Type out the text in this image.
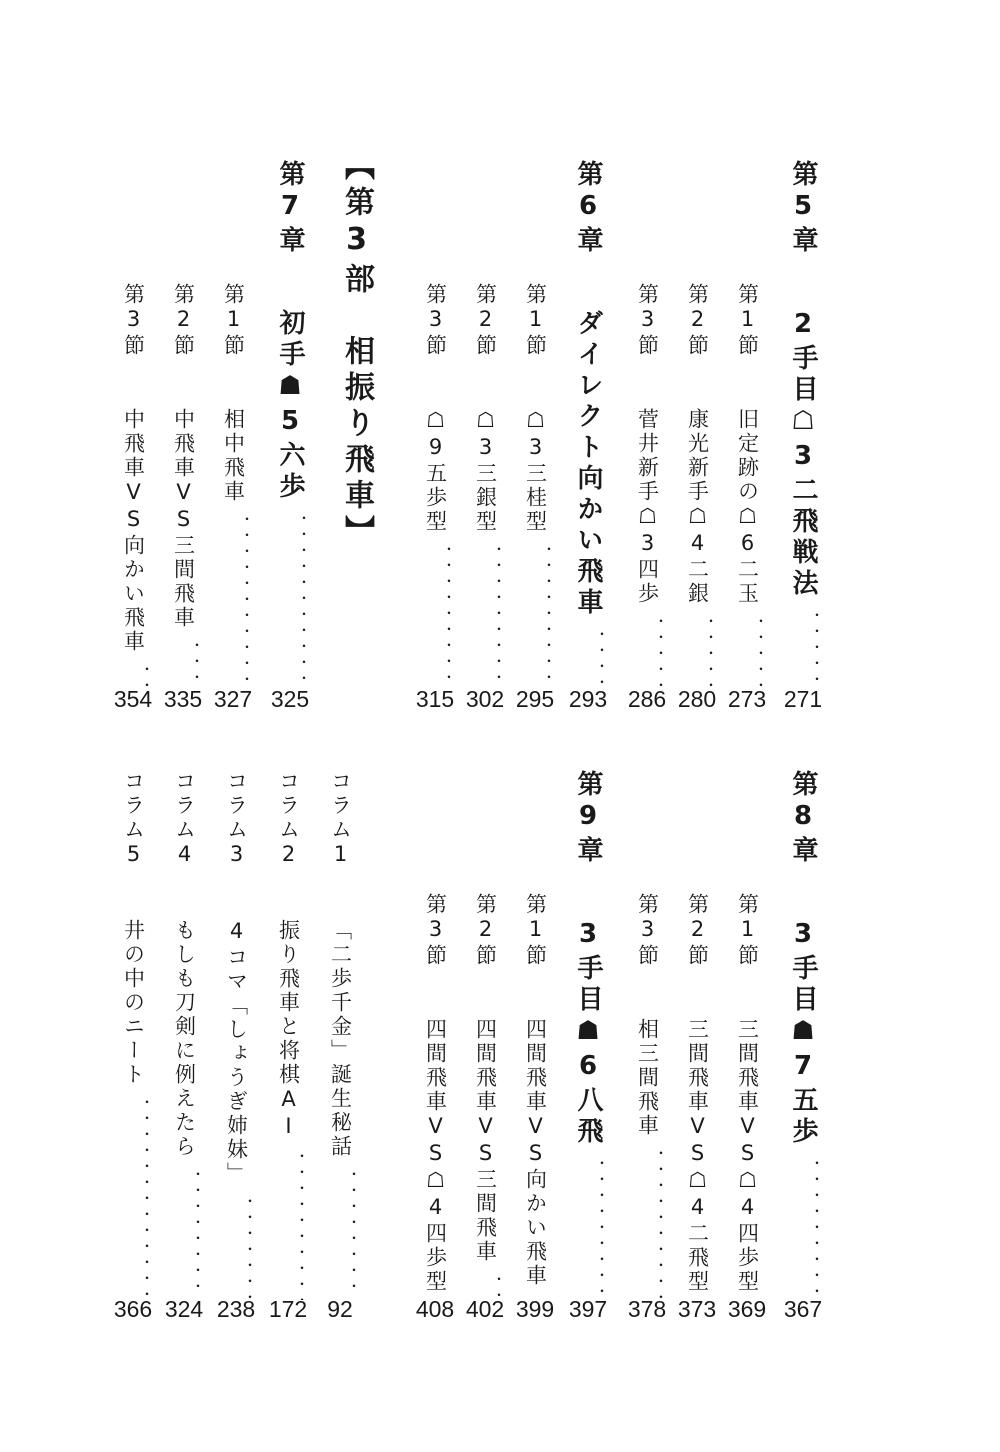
第5章
2手目☖3二飛戦法
・・・・・・・・・・・・・・・・・・・・・・・・・・・・・・・・・・・・・・・・・・・・・・・・・・・・・・・・・・・・
271
第1節
旧定跡の☖6二玉
・・・・・・・・・・・・・・・・・・・・・・・・・・・・・・・・・・・・・・・・・・・・・・・・・・・・・・・・・・・・
273
第2節
康光新手☖4二銀
・・・・・・・・・・・・・・・・・・・・・・・・・・・・・・・・・・・・・・・・・・・・・・・・・・・・・・・・・・・・
280
第3節
菅井新手☖3四歩
・・・・・・・・・・・・・・・・・・・・・・・・・・・・・・・・・・・・・・・・・・・・・・・・・・・・・・・・・・・・
286
第6章
ダイレクト向かい飛車
・・・・・・・・・・・・・・・・・・・・・・・・・・・・・・・・・・・・・・・・・・・・・・・・・・・・・・・・・・・・
293
第1節
☖3三桂型
・・・・・・・・・・・・・・・・・・・・・・・・・・・・・・・・・・・・・・・・・・・・・・・・・・・・・・・・・・・・
295
第2節
☖3三銀型
・・・・・・・・・・・・・・・・・・・・・・・・・・・・・・・・・・・・・・・・・・・・・・・・・・・・・・・・・・・・
302
第3節
☖9五歩型
・・・・・・・・・・・・・・・・・・・・・・・・・・・・・・・・・・・・・・・・・・・・・・・・・・・・・・・・・・・・
315
【第3部　相振り飛車】
第7章
初手☗5六歩
・・・・・・・・・・・・・・・・・・・・・・・・・・・・・・・・・・・・・・・・・・・・・・・・・・・・・・・・・・・・
325
第1節
相中飛車
・・・・・・・・・・・・・・・・・・・・・・・・・・・・・・・・・・・・・・・・・・・・・・・・・・・・・・・・・・・・
327
第2節
中飛車VS三間飛車
・・・・・・・・・・・・・・・・・・・・・・・・・・・・・・・・・・・・・・・・・・・・・・・・・・・・・・・・・・・・
335
第3節
中飛車VS向かい飛車
・・・・・・・・・・・・・・・・・・・・・・・・・・・・・・・・・・・・・・・・・・・・・・・・・・・・・・・・・・・・
354
第8章
3手目☗7五歩
・・・・・・・・・・・・・・・・・・・・・・・・・・・・・・・・・・・・・・・・・・・・・・・・・・・・・・・・・・・・
367
第1節
三間飛車VS☖4四歩型
369
第2節
三間飛車VS☖4二飛型
373
第3節
相三間飛車
・・・・・・・・・・・・・・・・・・・・・・・・・・・・・・・・・・・・・・・・・・・・・・・・・・・・・・・・・・・・
378
第9章
3手目☗6八飛
・・・・・・・・・・・・・・・・・・・・・・・・・・・・・・・・・・・・・・・・・・・・・・・・・・・・・・・・・・・・
397
第1節
四間飛車VS向かい飛車
・・・・・・・・・・・・・・・・・・・・・・・・・・・・・・・・・・・・・・・・・・・・・・・・・・・・・・・・・・・・
399
第2節
四間飛車VS三間飛車
・・・・・・・・・・・・・・・・・・・・・・・・・・・・・・・・・・・・・・・・・・・・・・・・・・・・・・・・・・・・
402
第3節
四間飛車VS☖4四歩型
408
コラム1
「二歩千金」誕生秘話
・・・・・・・・・・・・・・・・・・・・・・・・・・・・・・・・・・・・・・・・・・・・・・・・・・・・・・・・・・・・
92
コラム2
振り飛車と将棋AI
・・・・・・・・・・・・・・・・・・・・・・・・・・・・・・・・・・・・・・・・・・・・・・・・・・・・・・・・・・・・
172
コラム3
4コマ「しょうぎ姉妹」
・・・・・・・・・・・・・・・・・・・・・・・・・・・・・・・・・・・・・・・・・・・・・・・・・・・・・・・・・・・・
238
コラム4
もしも刀剣に例えたら
・・・・・・・・・・・・・・・・・・・・・・・・・・・・・・・・・・・・・・・・・・・・・・・・・・・・・・・・・・・・
324
コラム5
井の中のニート
・・・・・・・・・・・・・・・・・・・・・・・・・・・・・・・・・・・・・・・・・・・・・・・・・・・・・・・・・・・・
366
